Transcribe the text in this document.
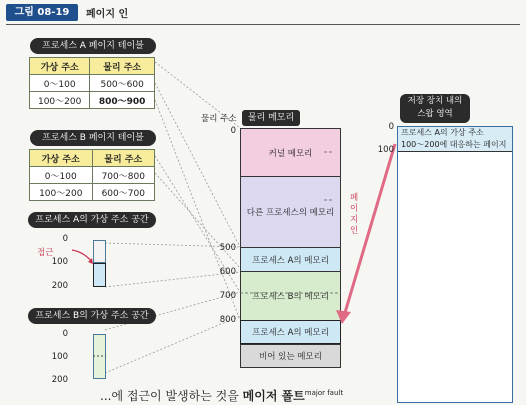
그림 08-19	페이지 인
프로세스 A 페이지 테이블
가상 주소	물리 주소
0～100	500～600
100～200	800～900
프로세스 B 페이지 테이블
가상 주소	물리 주소
0～100	700～800
100～200	600～700
프로세스 A의 가상 주소 공간
0
100
200
접근
프로세스 B의 가상 주소 공간
0
100
200
물리 주소	물리 메모리
0
500
600
700
800
커널 메모리
다른 프로세스의 메모리
프로세스 A의 메모리
프로세스 B의 메모리
프로세스 A의 메모리
비어 있는 메모리
페이지 인
저장 장치 내의
스왑 영역
0
100
프로세스 A의 가상 주소
100～200에 대응하는 페이지
...에 접근이 발생하는 것을 메이저 폴트$^{major fault}$
